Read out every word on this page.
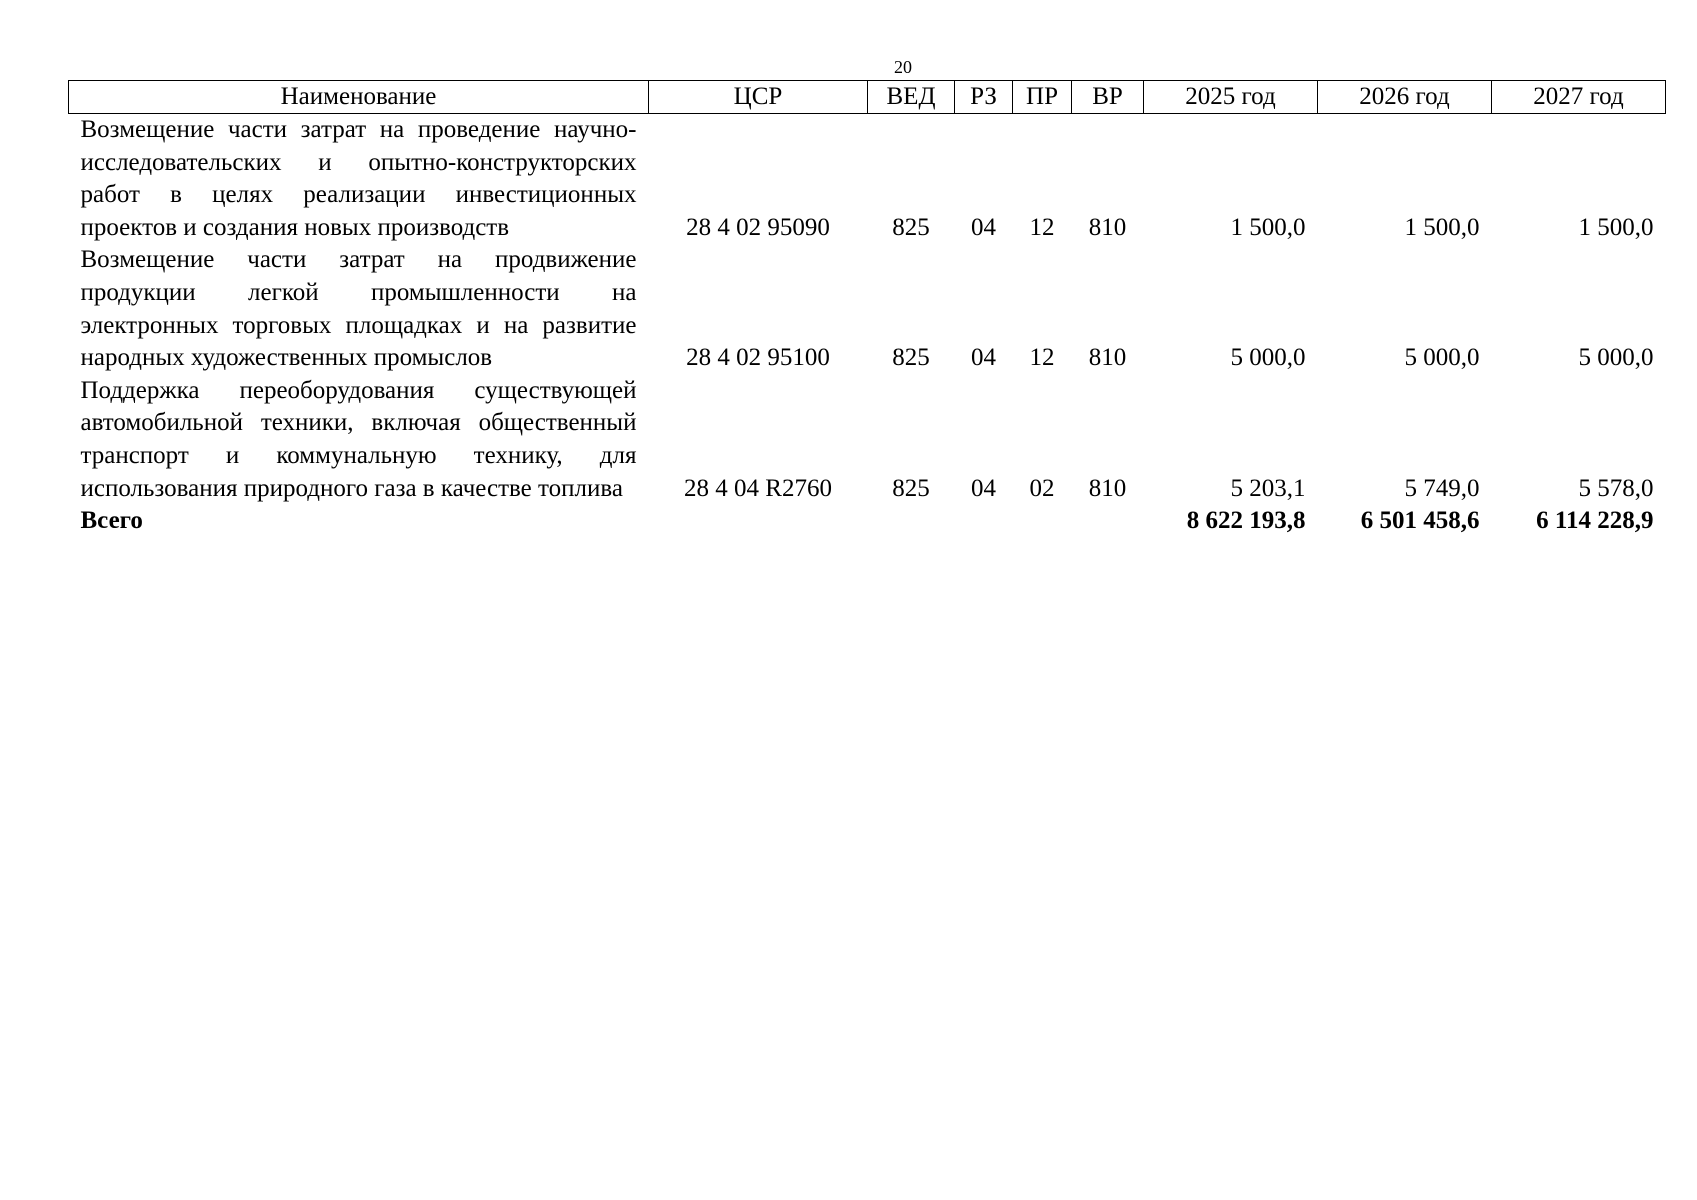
20
Наименование	ЦСР	ВЕД	РЗ	ПР	ВР	2025 год	2026 год	2027 год
Возмещение части затрат на проведение научно-исследовательских и опытно-конструкторских работ в целях реализации инвестиционных проектов и создания новых производств	28 4 02 95090	825	04	12	810	1 500,0	1 500,0	1 500,0
Возмещение части затрат на продвижение продукции легкой промышленности на электронных торговых площадках и на развитие народных художественных промыслов	28 4 02 95100	825	04	12	810	5 000,0	5 000,0	5 000,0
Поддержка переоборудования существующей автомобильной техники, включая общественный транспорт и коммунальную технику, для использования природного газа в качестве топлива	28 4 04 R2760	825	04	02	810	5 203,1	5 749,0	5 578,0
Всего						8 622 193,8	6 501 458,6	6 114 228,9
